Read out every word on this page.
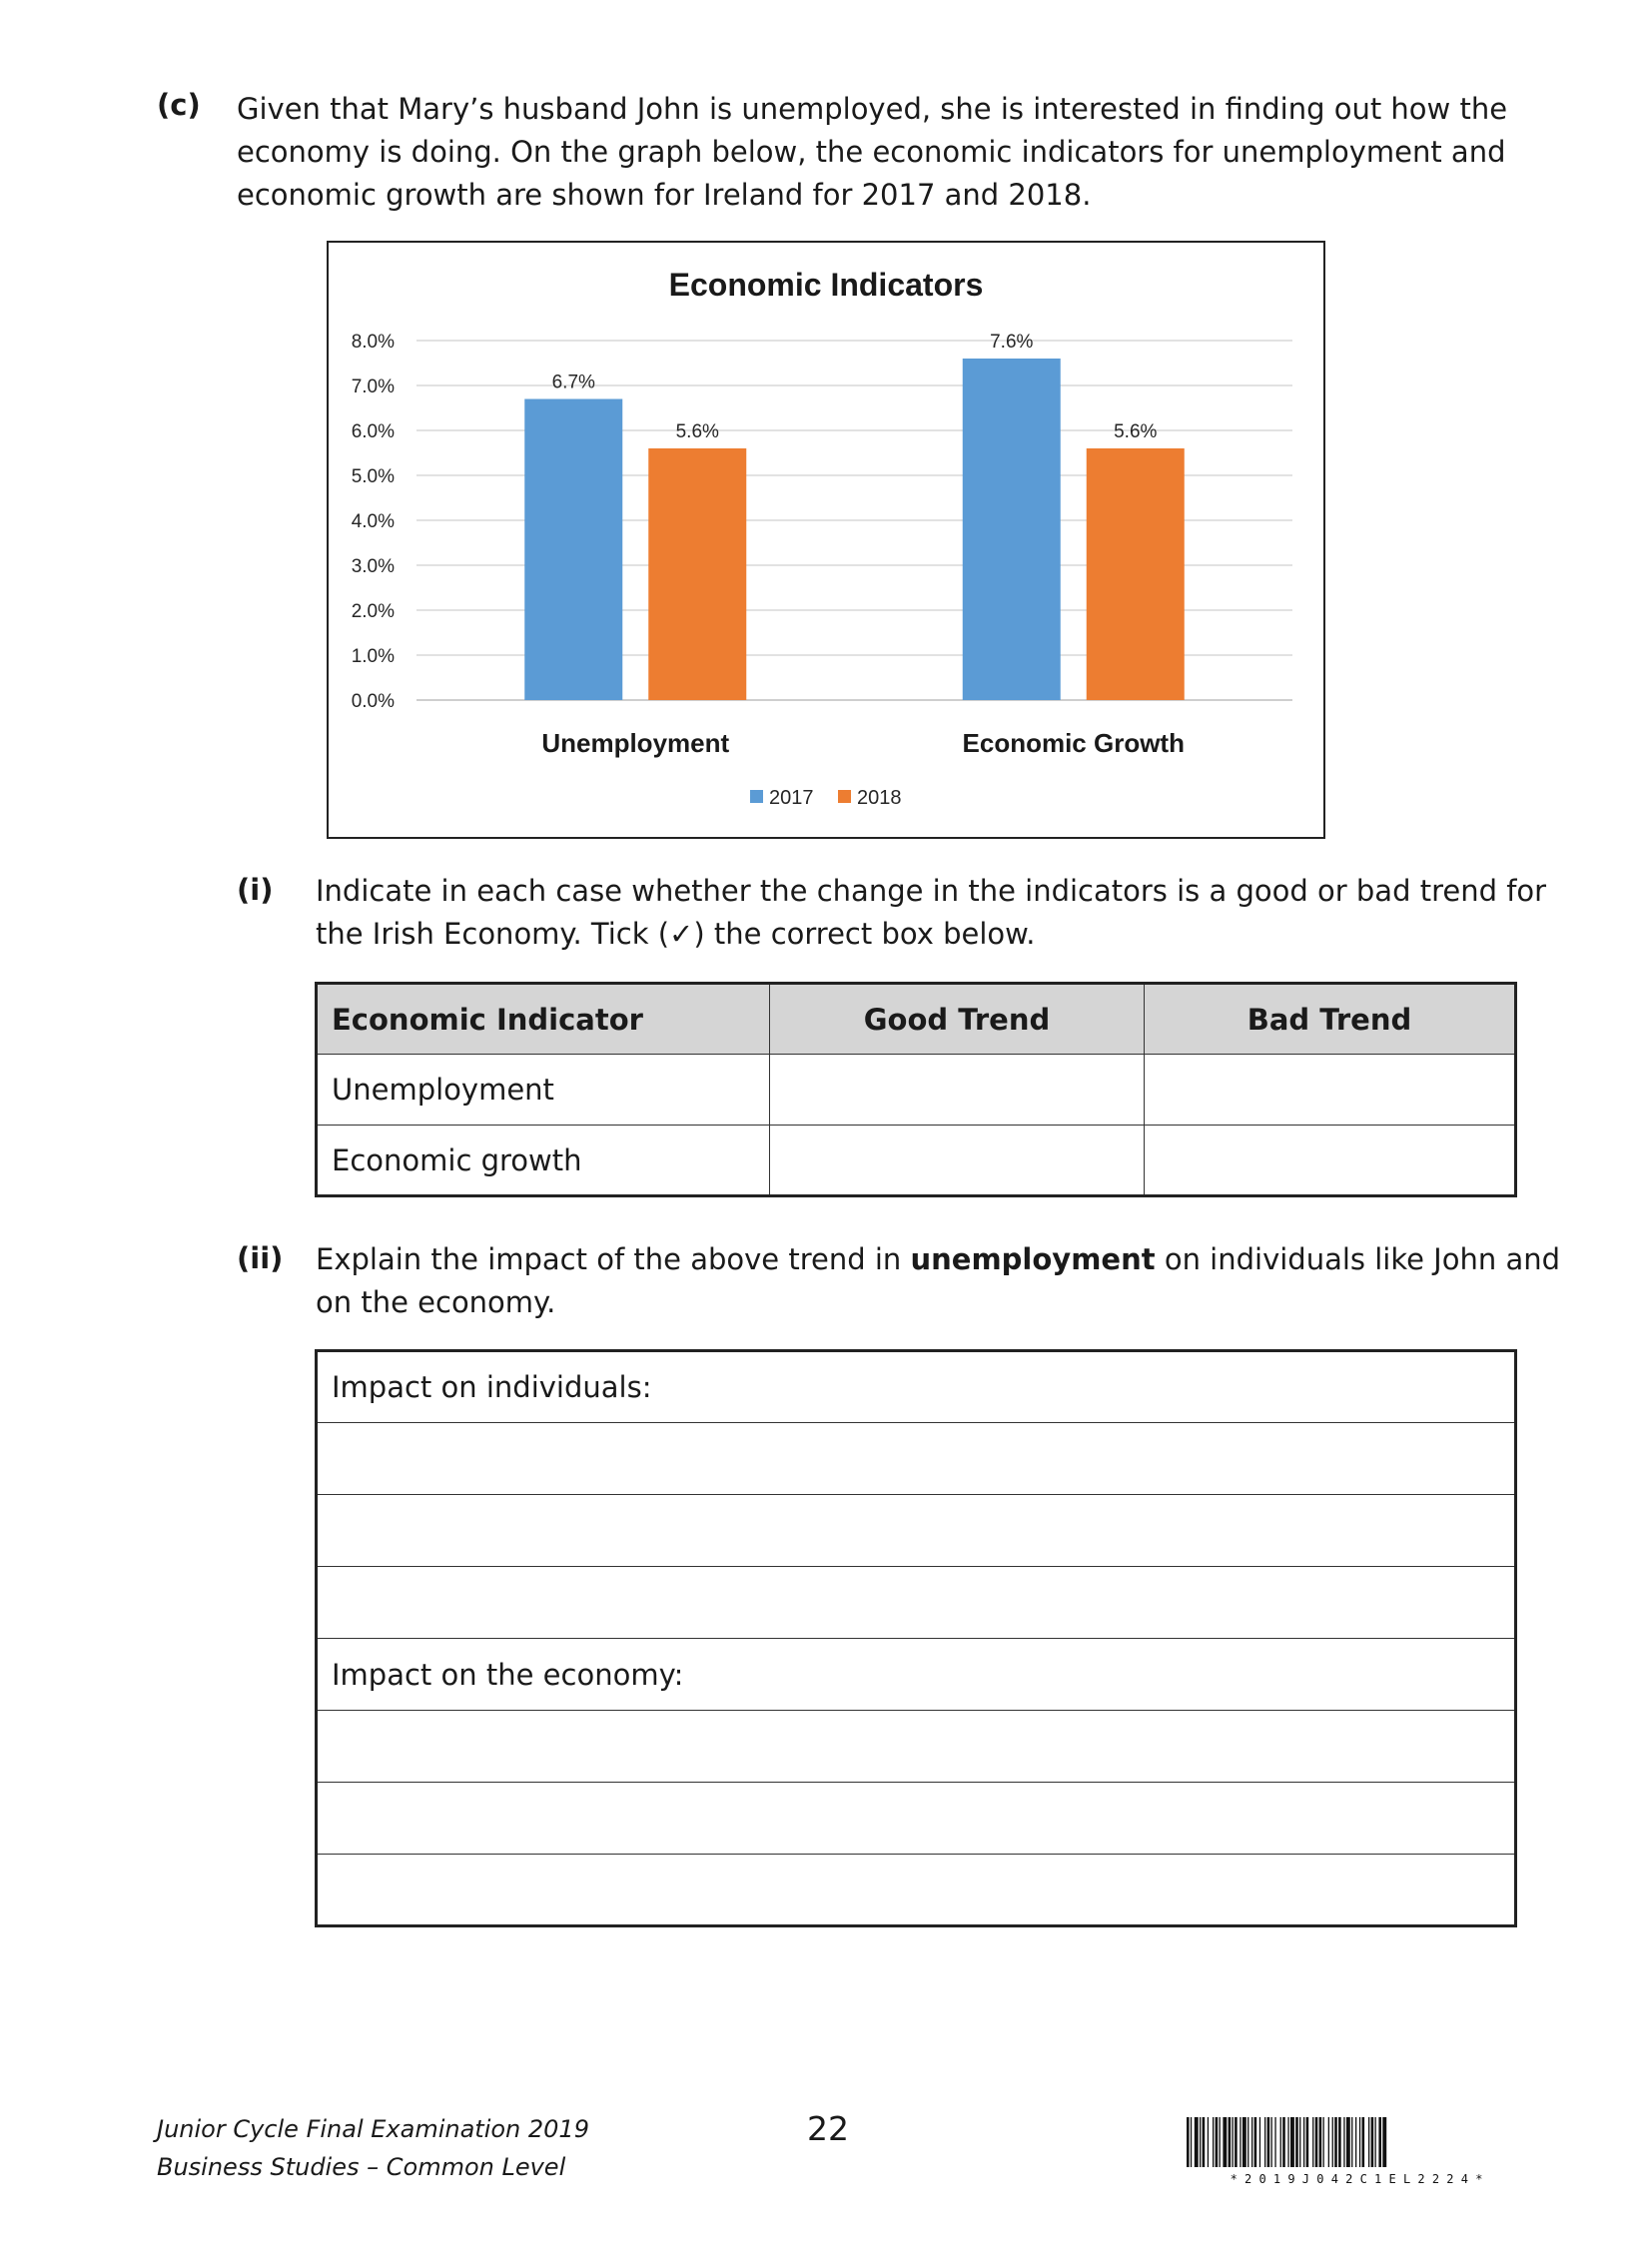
(c) Given that Mary’s husband John is unemployed, she is interested in finding out how the
economy is doing. On the graph below, the economic indicators for unemployment and
economic growth are shown for Ireland for 2017 and 2018.
Economic Indicators
0.0%
1.0%
2.0%
3.0%
4.0%
5.0%
6.0%
7.0%
8.0%
6.7%
5.6%
Unemployment
7.6%
5.6%
Economic Growth
2017 2018
(i) Indicate in each case whether the change in the indicators is a good or bad trend for
the Irish Economy. Tick (✓) the correct box below.
Economic Indicator	Good Trend	Bad Trend
Unemployment		
Economic growth		
(ii) Explain the impact of the above trend in unemployment on individuals like John and
on the economy.
Impact on individuals:

Impact on the economy:

Junior Cycle Final Examination 2019
Business Studies – Common Level
22
* 2 0 1 9 J 0 4 2 C 1 E L 2 2 2 4 *
